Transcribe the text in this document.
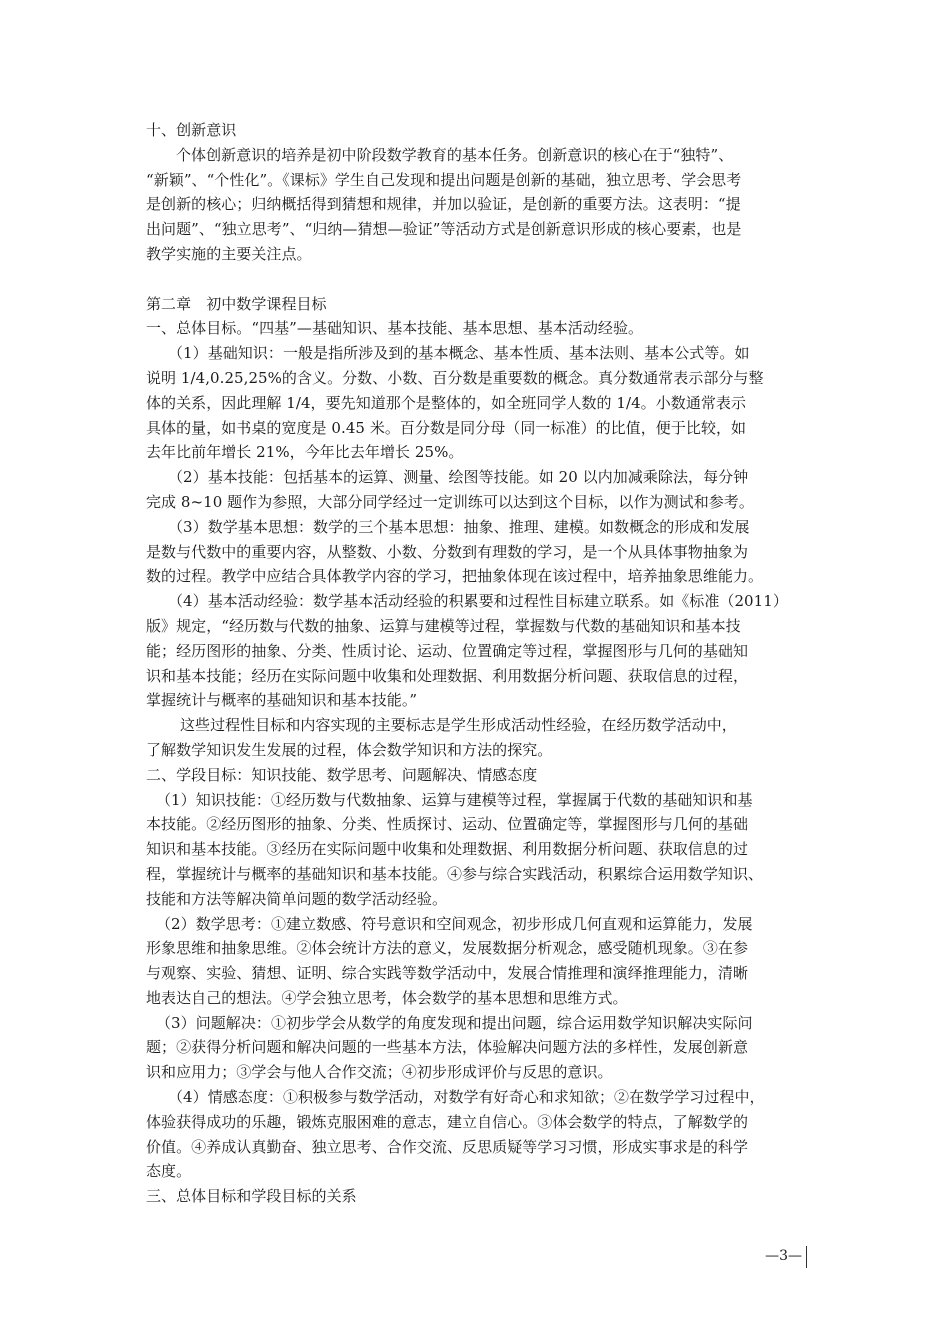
十、创新意识
个体创新意识的培养是初中阶段数学教育的基本任务。创新意识的核心在于“独特”、
“新颖”、“个性化”。《课标》学生自己发现和提出问题是创新的基础，独立思考、学会思考
是创新的核心；归纳概括得到猜想和规律，并加以验证，是创新的重要方法。这表明：“提
出问题”、“独立思考”、“归纳—猜想—验证”等活动方式是创新意识形成的核心要素，也是
教学实施的主要关注点。
第二章　初中数学课程目标
一、总体目标。“四基”—基础知识、基本技能、基本思想、基本活动经验。
（1）基础知识：一般是指所涉及到的基本概念、基本性质、基本法则、基本公式等。如
说明 1/4,0.25,25%的含义。分数、小数、百分数是重要数的概念。真分数通常表示部分与整
体的关系，因此理解 1/4，要先知道那个是整体的，如全班同学人数的 1/4。小数通常表示
具体的量，如书桌的宽度是 0.45 米。百分数是同分母（同一标准）的比值，便于比较，如
去年比前年增长 21%，今年比去年增长 25%。
（2）基本技能：包括基本的运算、测量、绘图等技能。如 20 以内加减乘除法，每分钟
完成 8~10 题作为参照，大部分同学经过一定训练可以达到这个目标，以作为测试和参考。
（3）数学基本思想：数学的三个基本思想：抽象、推理、建模。如数概念的形成和发展
是数与代数中的重要内容，从整数、小数、分数到有理数的学习，是一个从具体事物抽象为
数的过程。教学中应结合具体教学内容的学习，把抽象体现在该过程中，培养抽象思维能力。
（4）基本活动经验：数学基本活动经验的积累要和过程性目标建立联系。如《标准（2011）
版》规定，“经历数与代数的抽象、运算与建模等过程，掌握数与代数的基础知识和基本技
能；经历图形的抽象、分类、性质讨论、运动、位置确定等过程，掌握图形与几何的基础知
识和基本技能；经历在实际问题中收集和处理数据、利用数据分析问题、获取信息的过程，
掌握统计与概率的基础知识和基本技能。”
这些过程性目标和内容实现的主要标志是学生形成活动性经验，在经历数学活动中，
了解数学知识发生发展的过程，体会数学知识和方法的探究。
二、学段目标：知识技能、数学思考、问题解决、情感态度
（1）知识技能：①经历数与代数抽象、运算与建模等过程，掌握属于代数的基础知识和基
本技能。②经历图形的抽象、分类、性质探讨、运动、位置确定等，掌握图形与几何的基础
知识和基本技能。③经历在实际问题中收集和处理数据、利用数据分析问题、获取信息的过
程，掌握统计与概率的基础知识和基本技能。④参与综合实践活动，积累综合运用数学知识、
技能和方法等解决简单问题的数学活动经验。
（2）数学思考：①建立数感、符号意识和空间观念，初步形成几何直观和运算能力，发展
形象思维和抽象思维。②体会统计方法的意义，发展数据分析观念，感受随机现象。③在参
与观察、实验、猜想、证明、综合实践等数学活动中，发展合情推理和演绎推理能力，清晰
地表达自己的想法。④学会独立思考，体会数学的基本思想和思维方式。
（3）问题解决：①初步学会从数学的角度发现和提出问题，综合运用数学知识解决实际问
题；②获得分析问题和解决问题的一些基本方法，体验解决问题方法的多样性，发展创新意
识和应用力；③学会与他人合作交流；④初步形成评价与反思的意识。
（4）情感态度：①积极参与数学活动，对数学有好奇心和求知欲；②在数学学习过程中，
体验获得成功的乐趣，锻炼克服困难的意志，建立自信心。③体会数学的特点，了解数学的
价值。④养成认真勤奋、独立思考、合作交流、反思质疑等学习习惯，形成实事求是的科学
态度。
三、总体目标和学段目标的关系
—3—
